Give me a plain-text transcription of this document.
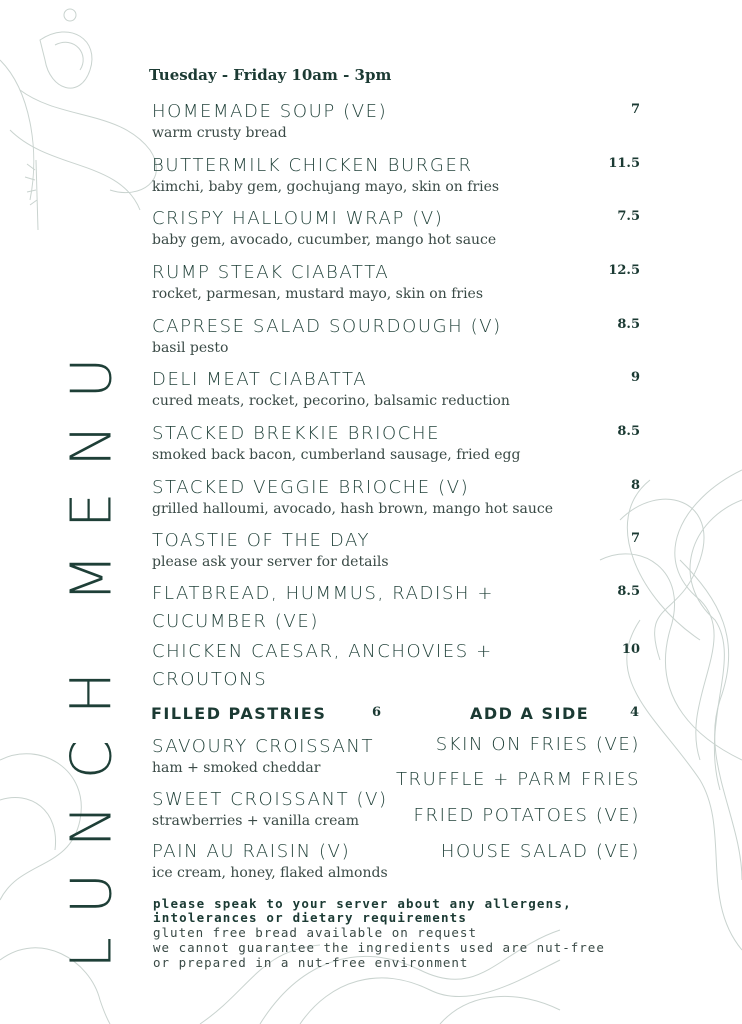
LUNCH MENU
Tuesday - Friday 10am - 3pm
HOMEMADE SOUP (VE)
warm crusty bread
7
BUTTERMILK CHICKEN BURGER
kimchi, baby gem, gochujang mayo, skin on fries
11.5
CRISPY HALLOUMI WRAP (V)
baby gem, avocado, cucumber, mango hot sauce
7.5
RUMP STEAK CIABATTA
rocket, parmesan, mustard mayo, skin on fries
12.5
CAPRESE SALAD SOURDOUGH (V)
basil pesto
8.5
DELI MEAT CIABATTA
cured meats, rocket, pecorino, balsamic reduction
9
STACKED BREKKIE BRIOCHE
smoked back bacon, cumberland sausage, fried egg
8.5
STACKED VEGGIE BRIOCHE (V)
grilled halloumi, avocado, hash brown, mango hot sauce
8
TOASTIE OF THE DAY
please ask your server for details
7
FLATBREAD, HUMMUS, RADISH + CUCUMBER (VE)
8.5
CHICKEN CAESAR, ANCHOVIES + CROUTONS
10
FILLED PASTRIES	6
SAVOURY CROISSANT
ham + smoked cheddar
SWEET CROISSANT (V)
strawberries + vanilla cream
PAIN AU RAISIN (V)
ice cream, honey, flaked almonds
ADD A SIDE	4
SKIN ON FRIES (VE)
TRUFFLE + PARM FRIES
FRIED POTATOES (VE)
HOUSE SALAD (VE)
please speak to your server about any allergens,
intolerances or dietary requirements
gluten free bread available on request
we cannot guarantee the ingredients used are nut-free
or prepared in a nut-free environment
